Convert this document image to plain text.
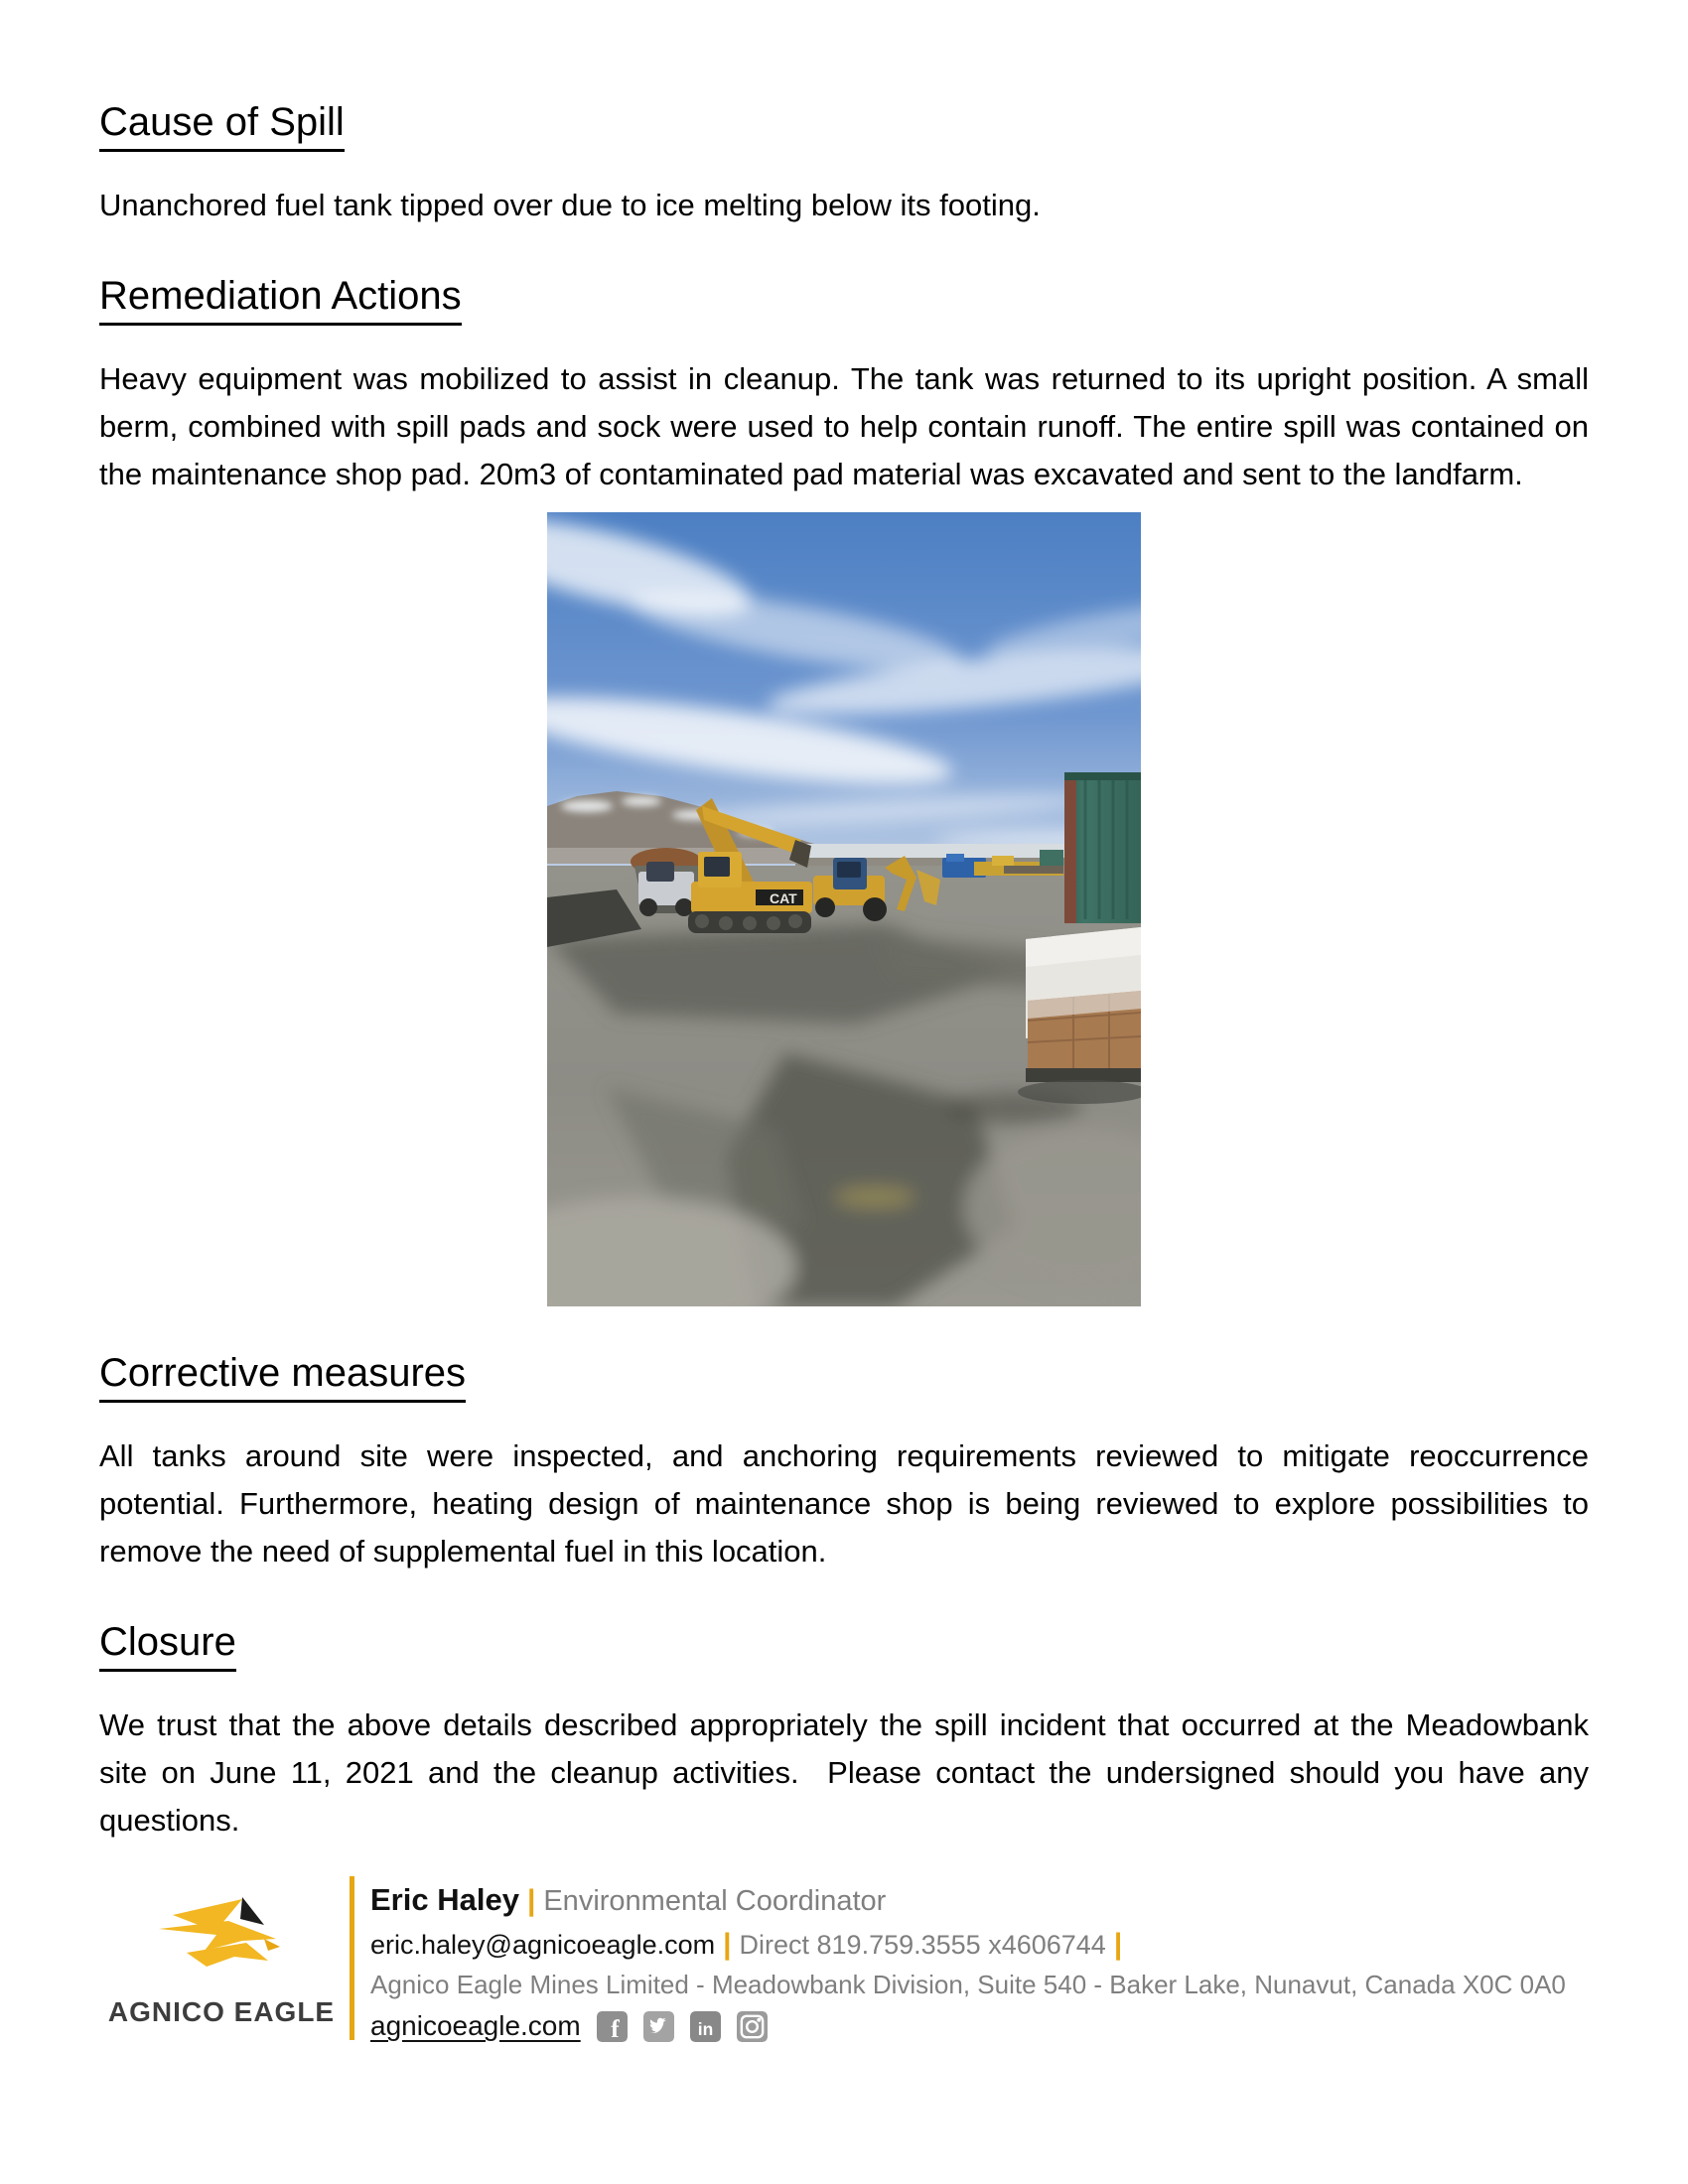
Cause of Spill

Unanchored fuel tank tipped over due to ice melting below its footing.

Remediation Actions

Heavy equipment was mobilized to assist in cleanup. The tank was returned to its upright position. A small berm, combined with spill pads and sock were used to help contain runoff. The entire spill was contained on the maintenance shop pad. 20m3 of contaminated pad material was excavated and sent to the landfarm.

CAT
Corrective measures

All tanks around site were inspected, and anchoring requirements reviewed to mitigate reoccurrence potential. Furthermore, heating design of maintenance shop is being reviewed to explore possibilities to remove the need of supplemental fuel in this location.

Closure

We trust that the above details described appropriately the spill incident that occurred at the Meadowbank site on June 11, 2021 and the cleanup activities.  Please contact the undersigned should you have any questions.

AGNICO EAGLE
Eric Haley | Environmental Coordinator
eric.haley@agnicoeagle.com | Direct 819.759.3555 x4606744 |
Agnico Eagle Mines Limited - Meadowbank Division, Suite 540 - Baker Lake, Nunavut, Canada X0C 0A0
agnicoeagle.com f	in
